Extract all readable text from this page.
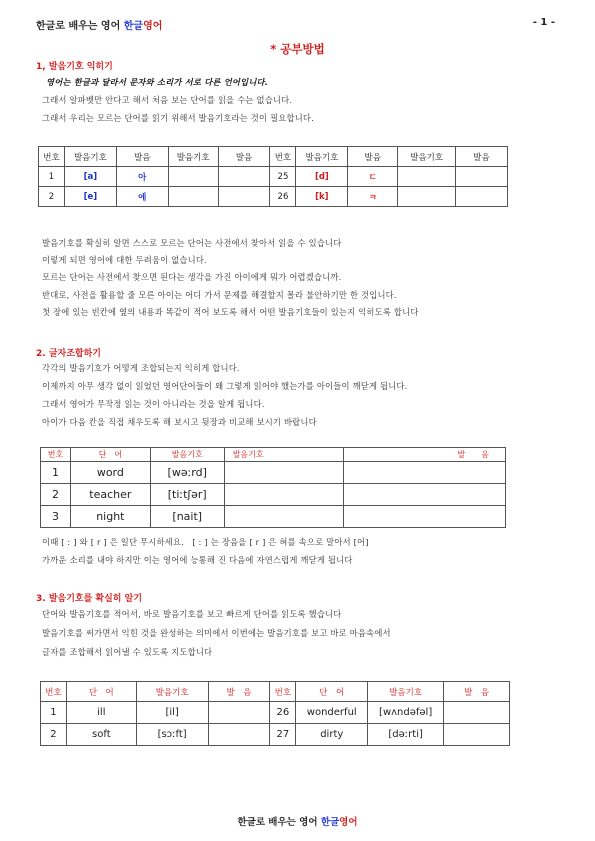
한글로 배우는 영어 한글영어	- 1 -
* 공부방법
1, 발음기호 익히기
영어는 한글과 달라서 문자와 소리가 서로 다른 언어입니다.
그래서 알파벳만 안다고 해서 처음 보는 단어를 읽을 수는 없습니다.
그래서 우리는 모르는 단어를 읽기 위해서 발음기호라는 것이 필요합니다.
번호	발음기호	발음	발음기호	발음	번호	발음기호	발음	발음기호	발음
1	[a]	아			25	[d]	ㄷ		
2	[e]	에			26	[k]	ㅋ		
발음기호를 확실히 알면 스스로 모르는 단어는 사전에서 찾아서 읽을 수 있습니다
이렇게 되면 영어에 대한 두려움이 없습니다.
모르는 단어는 사전에서 찾으면 된다는 생각을 가진 아이에게 뭐가 어렵겠습니까.
반대로, 사전을 활용할 줄 모른 아이는 어디 가서 문제를 해결할지 몰라 불안하기만 한 것입니다.
첫 장에 있는 빈칸에 옆의 내용과 똑같이 적어 보도록 해서 어떤 발음기호들이 있는지 익히도록 합니다
2. 글자조합하기
각각의 발음기호가 어떻게 조합되는지 익히게 합니다.
이제까지 아무 생각 없이 읽었던 영어단어들이 왜 그렇게 읽어야 했는가를 아이들이 깨닫게 됩니다.
그래서 영어가 무작정 읽는 것이 아니라는 것을 알게 됩니다.
아이가 다음 칸을 직접 채우도록 해 보시고 뒷장과 비교해 보시기 바랍니다
번호	단　어	발음기호	발음기호	발　　음
1	word	[wəːrd]		
2	teacher	[tiːtʃər]		
3	night	[nait]		
이때 [ ː ] 와 [ r ] 은 일단 무시하세요.　[ ː ] 는 장음을 [ r ] 은 혀를 속으로 말아서 [어]
가까운 소리를 내야 하지만 이는 영어에 능통해 진 다음에 자연스럽게 깨닫게 됩니다
3. 발음기호를 확실히 알기
단어와 발음기호를 적어서, 바로 발음기호를 보고 빠르게 단어를 읽도록 했습니다
발음기호를 써가면서 익힌 것을 완성하는 의미에서 이번에는 발음기호를 보고 바로 마음속에서
글자를 조합해서 읽어낼 수 있도록 지도합니다
번호	단　어	발음기호	발　음	번호	단　어	발음기호	발　음
1	ill	[il]		26	wonderful	[wʌndəfəl]	
2	soft	[sɔːft]		27	dirty	[dəːrti]	
한글로 배우는 영어 한글영어
